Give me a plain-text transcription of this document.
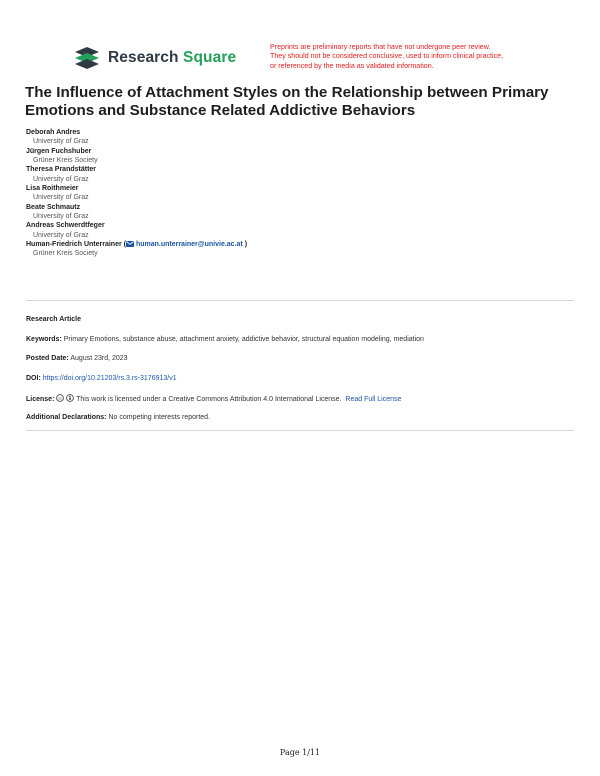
Research Square
Preprints are preliminary reports that have not undergone peer review.
They should not be considered conclusive, used to inform clinical practice,
or referenced by the media as validated information.
The Influence of Attachment Styles on the Relationship between Primary Emotions and Substance Related Addictive Behaviors
Deborah Andres
University of Graz
Jürgen Fuchshuber
Grüner Kreis Society
Theresa Prandstätter
University of Graz
Lisa Roithmeier
University of Graz
Beate Schmautz
University of Graz
Andreas Schwerdtfeger
University of Graz
Human-Friedrich Unterrainer ( human.unterrainer@univie.ac.at )
Grüner Kreis Society
Research Article
Keywords: Primary Emotions, substance abuse, attachment anxiety, addictive behavior, structural equation modeling, mediation
Posted Date: August 23rd, 2023
DOI: https://doi.org/10.21203/rs.3.rs-3176913/v1
License: cc This work is licensed under a Creative Commons Attribution 4.0 International License. Read Full License
Additional Declarations: No competing interests reported.
Page 1/11
